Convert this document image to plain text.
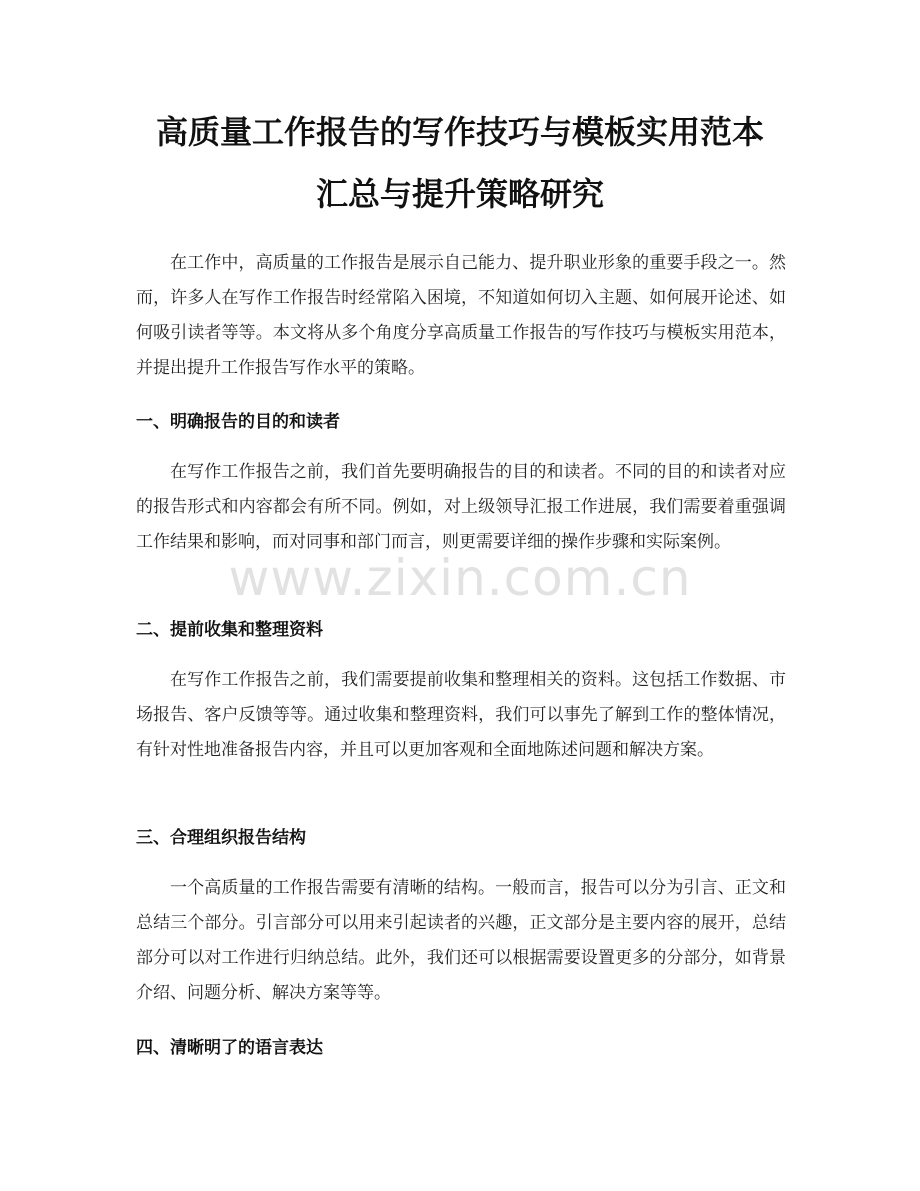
高质量工作报告的写作技巧与模板实用范本
汇总与提升策略研究

在工作中，高质量的工作报告是展示自己能力、提升职业形象的重要手段之一。然而，许多人在写作工作报告时经常陷入困境，不知道如何切入主题、如何展开论述、如何吸引读者等等。本文将从多个角度分享高质量工作报告的写作技巧与模板实用范本，并提出提升工作报告写作水平的策略。

一、明确报告的目的和读者

在写作工作报告之前，我们首先要明确报告的目的和读者。不同的目的和读者对应的报告形式和内容都会有所不同。例如，对上级领导汇报工作进展，我们需要着重强调工作结果和影响，而对同事和部门而言，则更需要详细的操作步骤和实际案例。

二、提前收集和整理资料

在写作工作报告之前，我们需要提前收集和整理相关的资料。这包括工作数据、市场报告、客户反馈等等。通过收集和整理资料，我们可以事先了解到工作的整体情况，有针对性地准备报告内容，并且可以更加客观和全面地陈述问题和解决方案。

三、合理组织报告结构

一个高质量的工作报告需要有清晰的结构。一般而言，报告可以分为引言、正文和总结三个部分。引言部分可以用来引起读者的兴趣，正文部分是主要内容的展开，总结部分可以对工作进行归纳总结。此外，我们还可以根据需要设置更多的分部分，如背景介绍、问题分析、解决方案等等。

四、清晰明了的语言表达
www.zixin.com.cn
